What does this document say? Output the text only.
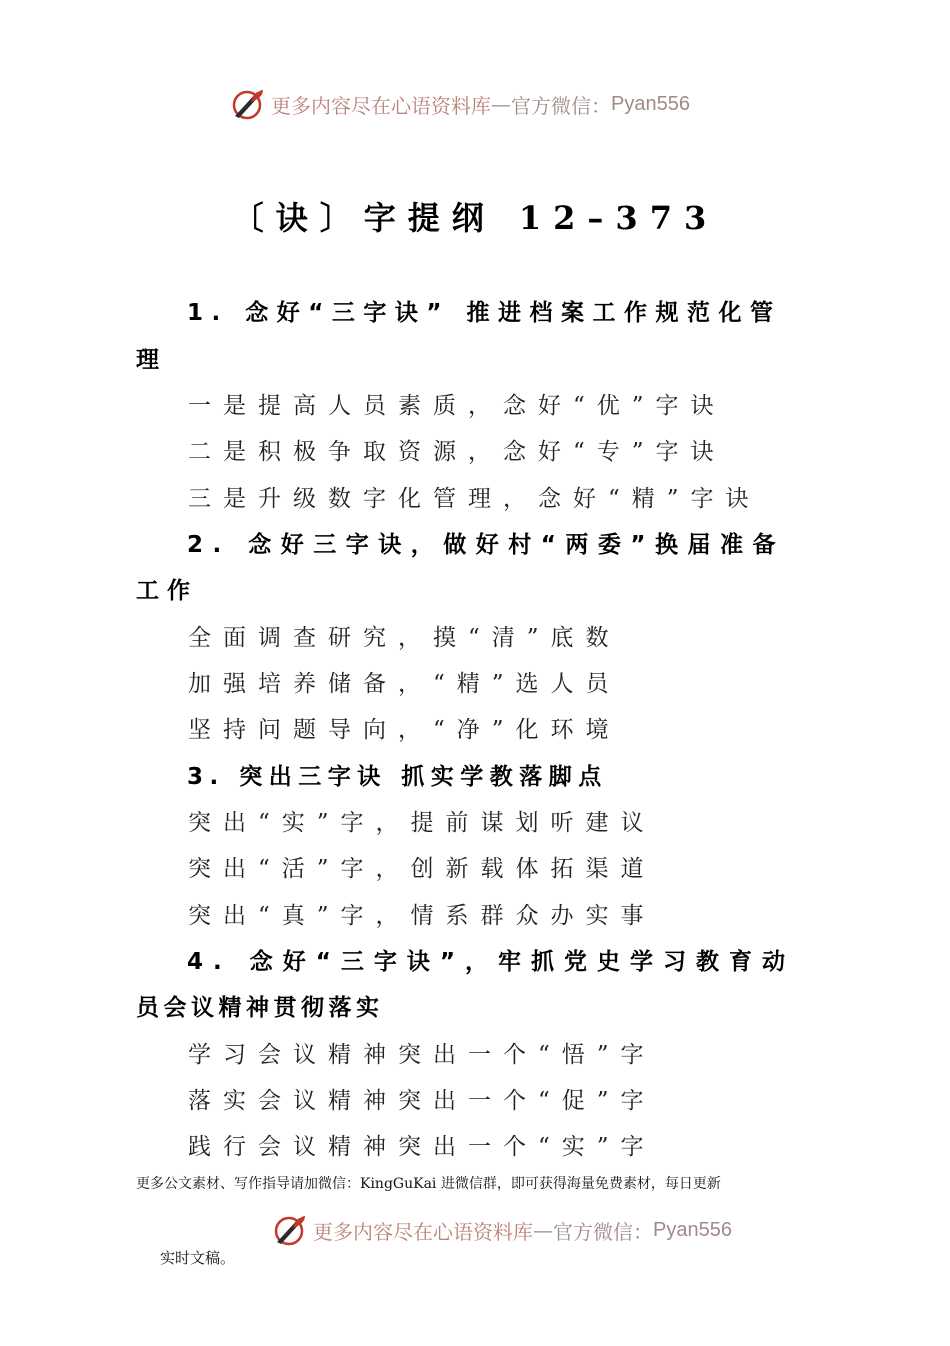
更多内容尽在心语资料库 — 官方微信： Pyan556
〔诀〕字提纲 12–373
1. 念好“三字诀” 推进档案工作规范化管
理
一是提高人员素质，念好“优”字诀
二是积极争取资源，念好“专”字诀
三是升级数字化管理，念好“精”字诀
2. 念好三字诀，做好村“两委”换届准备
工作
全面调查研究，摸“清”底数
加强培养储备，“精”选人员
坚持问题导向，“净”化环境
3. 突出三字诀 抓实学教落脚点
突出“实”字，提前谋划听建议
突出“活”字，创新载体拓渠道
突出“真”字，情系群众办实事
4. 念好“三字诀”，牢抓党史学习教育动
员会议精神贯彻落实
学习会议精神突出一个“悟”字
落实会议精神突出一个“促”字
践行会议精神突出一个“实”字
更多公文素材、写作指导请加微信：KingGuKai 进微信群，即可获得海量免费素材，每日更新
更多内容尽在心语资料库 — 官方微信： Pyan556
实时文稿。
